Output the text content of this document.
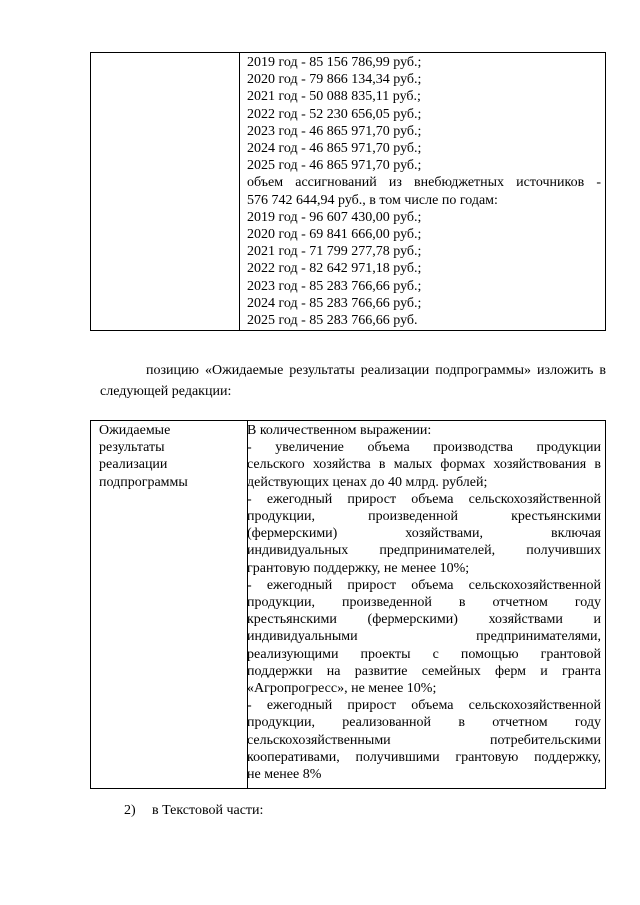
2019 год - 85 156 786,99 руб.;
2020 год - 79 866 134,34 руб.;
2021 год - 50 088 835,11 руб.;
2022 год - 52 230 656,05 руб.;
2023 год - 46 865 971,70 руб.;
2024 год - 46 865 971,70 руб.;
2025 год - 46 865 971,70 руб.;
объем ассигнований из внебюджетных источников -
576 742 644,94 руб., в том числе по годам:
2019 год - 96 607 430,00 руб.;
2020 год - 69 841 666,00 руб.;
2021 год - 71 799 277,78 руб.;
2022 год - 82 642 971,18 руб.;
2023 год - 85 283 766,66 руб.;
2024 год - 85 283 766,66 руб.;
2025 год - 85 283 766,66 руб.
позицию «Ожидаемые результаты реализации подпрограммы» изложить в
следующей редакции:
Ожидаемые
результаты
реализации
подпрограммы
В количественном выражении:
- увеличение объема производства продукции
сельского хозяйства в малых формах хозяйствования в
действующих ценах до 40 млрд. рублей;
- ежегодный прирост объема сельскохозяйственной
продукции, произведенной крестьянскими
(фермерскими) хозяйствами, включая
индивидуальных предпринимателей, получивших
грантовую поддержку, не менее 10%;
- ежегодный прирост объема сельскохозяйственной
продукции, произведенной в отчетном году
крестьянскими (фермерскими) хозяйствами и
индивидуальными предпринимателями,
реализующими проекты с помощью грантовой
поддержки на развитие семейных ферм и гранта
«Агропрогресс», не менее 10%;
- ежегодный прирост объема сельскохозяйственной
продукции, реализованной в отчетном году
сельскохозяйственными потребительскими
кооперативами, получившими грантовую поддержку,
не менее 8%
2) в Текстовой части:
